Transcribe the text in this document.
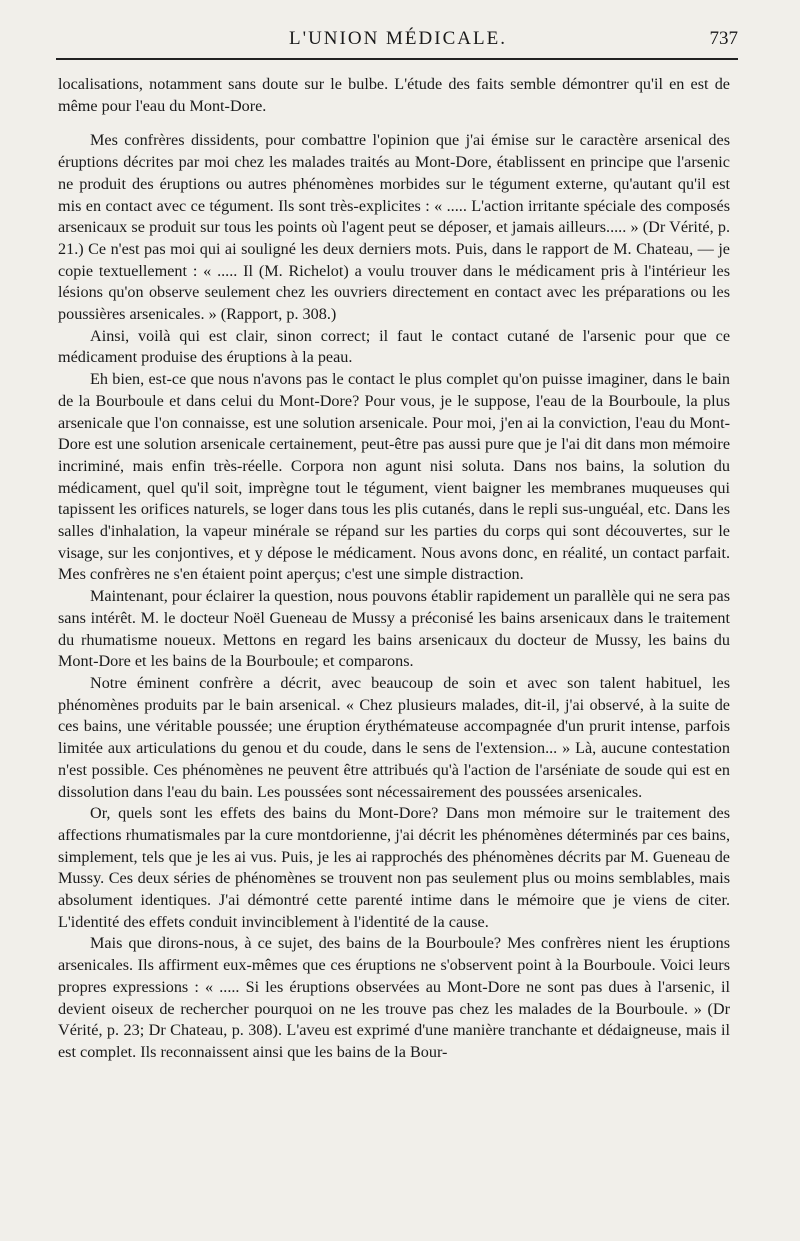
L'UNION MÉDICALE.	737

localisations, notamment sans doute sur le bulbe. L'étude des faits semble démontrer qu'il en est de même pour l'eau du Mont-Dore.

Mes confrères dissidents, pour combattre l'opinion que j'ai émise sur le caractère arsenical des éruptions décrites par moi chez les malades traités au Mont-Dore, établissent en principe que l'arsenic ne produit des éruptions ou autres phénomènes morbides sur le tégument externe, qu'autant qu'il est mis en contact avec ce tégument. Ils sont très-explicites : « ..... L'action irritante spéciale des composés arsenicaux se produit sur tous les points où l'agent peut se déposer, et jamais ailleurs..... » (Dr Vérité, p. 21.) Ce n'est pas moi qui ai souligné les deux derniers mots. Puis, dans le rapport de M. Chateau, — je copie textuellement : « ..... Il (M. Richelot) a voulu trouver dans le médicament pris à l'intérieur les lésions qu'on observe seulement chez les ouvriers directement en contact avec les préparations ou les poussières arsenicales. » (Rapport, p. 308.)

Ainsi, voilà qui est clair, sinon correct; il faut le contact cutané de l'arsenic pour que ce médicament produise des éruptions à la peau.

Eh bien, est-ce que nous n'avons pas le contact le plus complet qu'on puisse imaginer, dans le bain de la Bourboule et dans celui du Mont-Dore? Pour vous, je le suppose, l'eau de la Bourboule, la plus arsenicale que l'on connaisse, est une solution arsenicale. Pour moi, j'en ai la conviction, l'eau du Mont-Dore est une solution arsenicale certainement, peut-être pas aussi pure que je l'ai dit dans mon mémoire incriminé, mais enfin très-réelle. Corpora non agunt nisi soluta. Dans nos bains, la solution du médicament, quel qu'il soit, imprègne tout le tégument, vient baigner les membranes muqueuses qui tapissent les orifices naturels, se loger dans tous les plis cutanés, dans le repli sus-unguéal, etc. Dans les salles d'inhalation, la vapeur minérale se répand sur les parties du corps qui sont découvertes, sur le visage, sur les conjontives, et y dépose le médicament. Nous avons donc, en réalité, un contact parfait. Mes confrères ne s'en étaient point aperçus; c'est une simple distraction.

Maintenant, pour éclairer la question, nous pouvons établir rapidement un parallèle qui ne sera pas sans intérêt. M. le docteur Noël Gueneau de Mussy a préconisé les bains arsenicaux dans le traitement du rhumatisme noueux. Mettons en regard les bains arsenicaux du docteur de Mussy, les bains du Mont-Dore et les bains de la Bourboule; et comparons.

Notre éminent confrère a décrit, avec beaucoup de soin et avec son talent habituel, les phénomènes produits par le bain arsenical. « Chez plusieurs malades, dit-il, j'ai observé, à la suite de ces bains, une véritable poussée; une éruption érythémateuse accompagnée d'un prurit intense, parfois limitée aux articulations du genou et du coude, dans le sens de l'extension... » Là, aucune contestation n'est possible. Ces phénomènes ne peuvent être attribués qu'à l'action de l'arséniate de soude qui est en dissolution dans l'eau du bain. Les poussées sont nécessairement des poussées arsenicales.

Or, quels sont les effets des bains du Mont-Dore? Dans mon mémoire sur le traitement des affections rhumatismales par la cure montdorienne, j'ai décrit les phénomènes déterminés par ces bains, simplement, tels que je les ai vus. Puis, je les ai rapprochés des phénomènes décrits par M. Gueneau de Mussy. Ces deux séries de phénomènes se trouvent non pas seulement plus ou moins semblables, mais absolument identiques. J'ai démontré cette parenté intime dans le mémoire que je viens de citer. L'identité des effets conduit invinciblement à l'identité de la cause.

Mais que dirons-nous, à ce sujet, des bains de la Bourboule? Mes confrères nient les éruptions arsenicales. Ils affirment eux-mêmes que ces éruptions ne s'observent point à la Bourboule. Voici leurs propres expressions : « ..... Si les éruptions observées au Mont-Dore ne sont pas dues à l'arsenic, il devient oiseux de rechercher pourquoi on ne les trouve pas chez les malades de la Bourboule. » (Dr Vérité, p. 23; Dr Chateau, p. 308). L'aveu est exprimé d'une manière tranchante et dédaigneuse, mais il est complet. Ils reconnaissent ainsi que les bains de la Bour-
